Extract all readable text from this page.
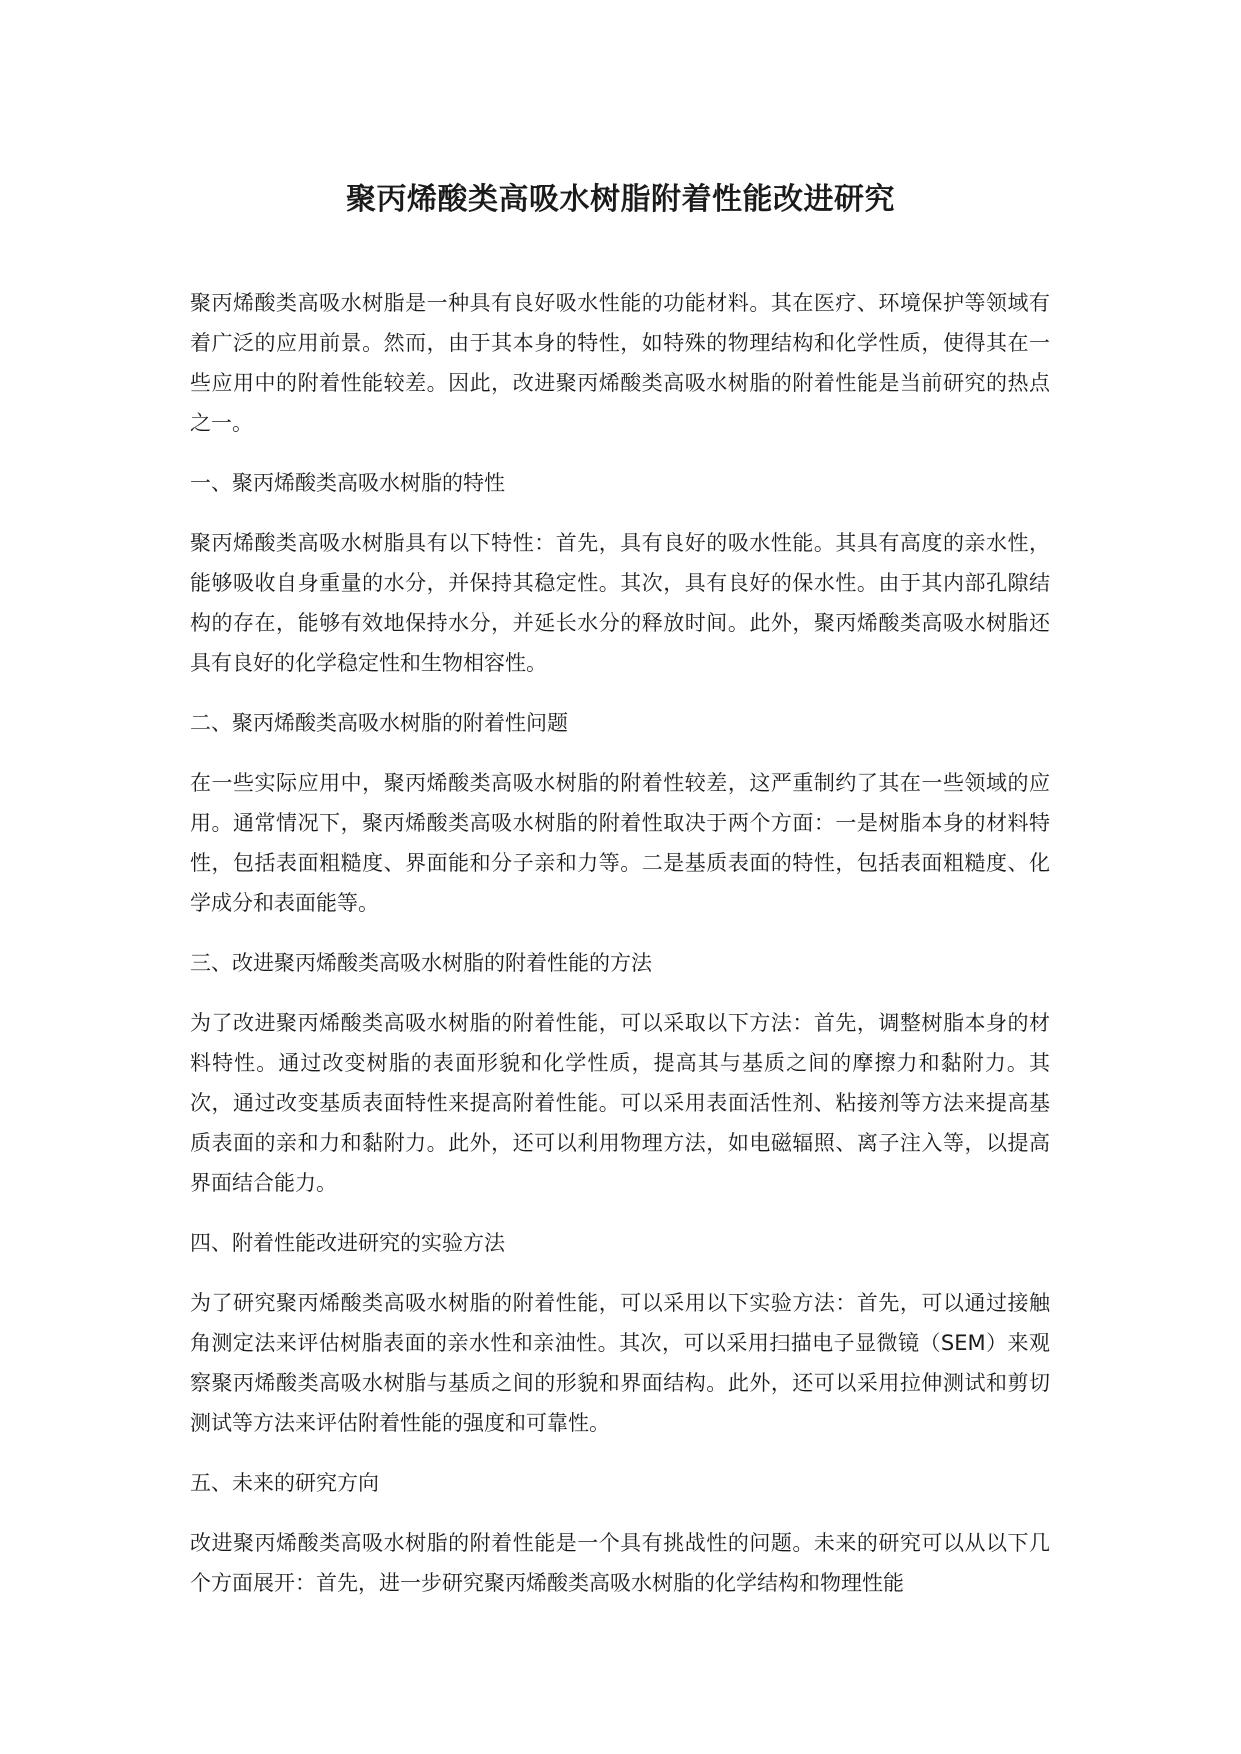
聚丙烯酸类高吸水树脂附着性能改进研究

聚丙烯酸类高吸水树脂是一种具有良好吸水性能的功能材料。其在医疗、环境保护等领域有着广泛的应用前景。然而，由于其本身的特性，如特殊的物理结构和化学性质，使得其在一些应用中的附着性能较差。因此，改进聚丙烯酸类高吸水树脂的附着性能是当前研究的热点之一。

一、聚丙烯酸类高吸水树脂的特性

聚丙烯酸类高吸水树脂具有以下特性：首先，具有良好的吸水性能。其具有高度的亲水性，能够吸收自身重量的水分，并保持其稳定性。其次，具有良好的保水性。由于其内部孔隙结构的存在，能够有效地保持水分，并延长水分的释放时间。此外，聚丙烯酸类高吸水树脂还具有良好的化学稳定性和生物相容性。

二、聚丙烯酸类高吸水树脂的附着性问题

在一些实际应用中，聚丙烯酸类高吸水树脂的附着性较差，这严重制约了其在一些领域的应用。通常情况下，聚丙烯酸类高吸水树脂的附着性取决于两个方面：一是树脂本身的材料特性，包括表面粗糙度、界面能和分子亲和力等。二是基质表面的特性，包括表面粗糙度、化学成分和表面能等。

三、改进聚丙烯酸类高吸水树脂的附着性能的方法

为了改进聚丙烯酸类高吸水树脂的附着性能，可以采取以下方法：首先，调整树脂本身的材料特性。通过改变树脂的表面形貌和化学性质，提高其与基质之间的摩擦力和黏附力。其次，通过改变基质表面特性来提高附着性能。可以采用表面活性剂、粘接剂等方法来提高基质表面的亲和力和黏附力。此外，还可以利用物理方法，如电磁辐照、离子注入等，以提高界面结合能力。

四、附着性能改进研究的实验方法

为了研究聚丙烯酸类高吸水树脂的附着性能，可以采用以下实验方法：首先，可以通过接触角测定法来评估树脂表面的亲水性和亲油性。其次，可以采用扫描电子显微镜（SEM）来观察聚丙烯酸类高吸水树脂与基质之间的形貌和界面结构。此外，还可以采用拉伸测试和剪切测试等方法来评估附着性能的强度和可靠性。

五、未来的研究方向

改进聚丙烯酸类高吸水树脂的附着性能是一个具有挑战性的问题。未来的研究可以从以下几个方面展开：首先，进一步研究聚丙烯酸类高吸水树脂的化学结构和物理性能
